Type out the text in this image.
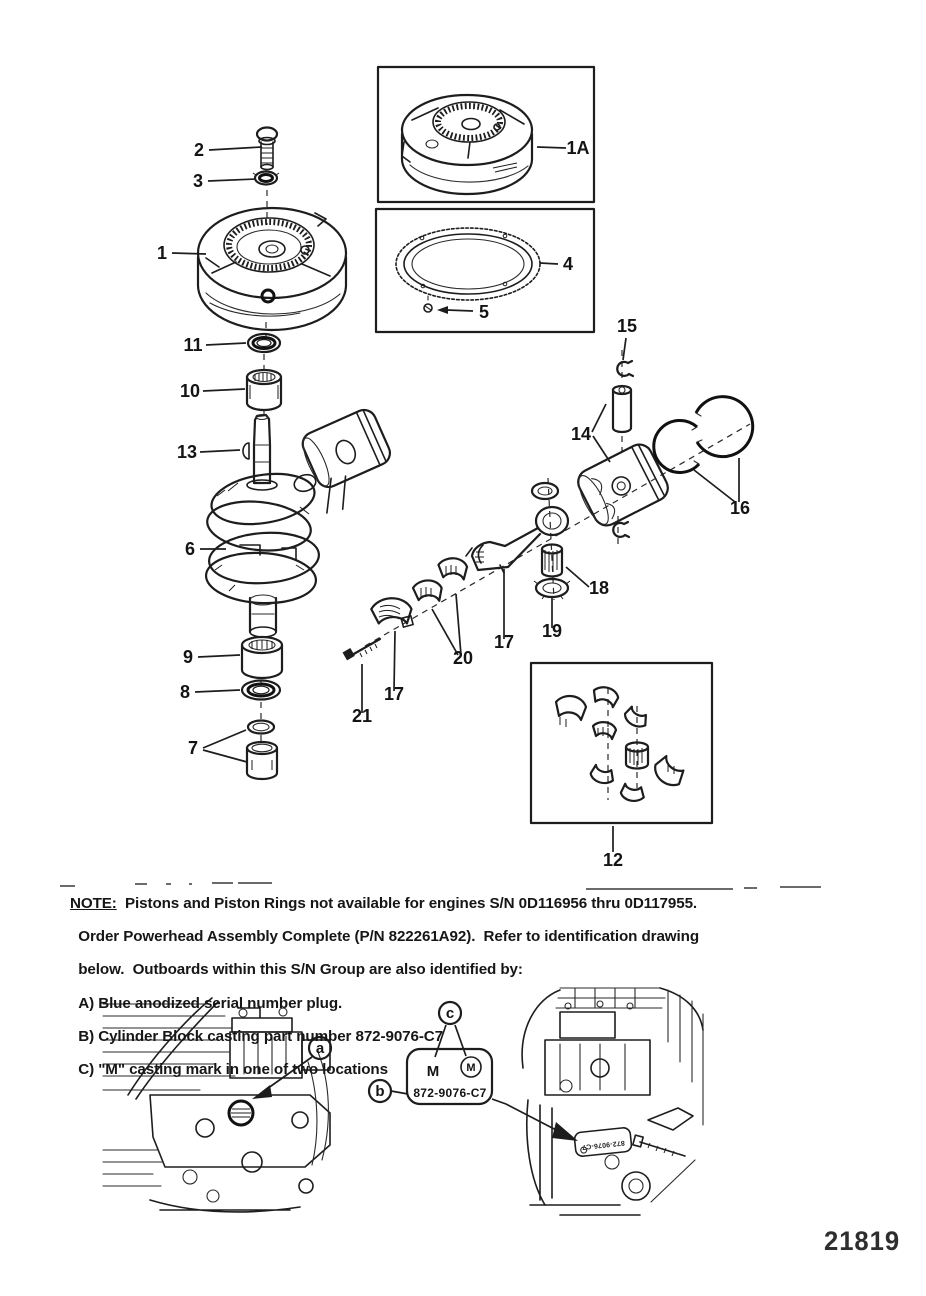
2
3
1
1A
4
5
11
10
13
6
9
8
7
15
14
16
18
19
17
20
17
21
12
a
M M
872-9076-C7
c
b
872-9076-C7
NOTE:  Pistons and Piston Rings not available for engines S/N 0D116956 thru 0D117955.

Order Powerhead Assembly Complete (P/N 822261A92).  Refer to identification drawing

below.  Outboards within this S/N Group are also identified by:

A) Blue anodized serial number plug.

B) Cylinder Block casting part number 872-9076-C7

C) "M" casting mark in one of two locations

21819
